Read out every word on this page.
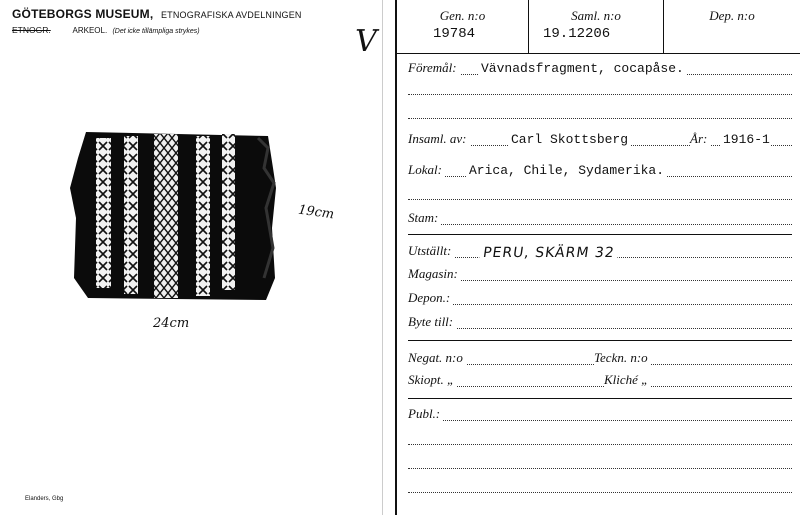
GÖTEBORGS MUSEUM, ETNOGRAFISKA AVDELNINGEN
ETNOGR.	ARKEOL. (Det icke tillämpliga strykes)	V
19cm
24cm
Elanders, Gbg
Gen. n:o
19784
Saml. n:o
19.12206
Dep. n:o
Föremål: Vävnadsfragment, cocapåse.
Insaml. av:	Carl Skottsberg	År: 1916-1
Lokal: Arica, Chile, Sydamerika.
Stam:
Utställt: PERU, SKÄRM 32
Magasin:
Depon.:
Byte till:
Negat. n:o	Teckn. n:o
Skiopt. „	Kliché „
Publ.:
